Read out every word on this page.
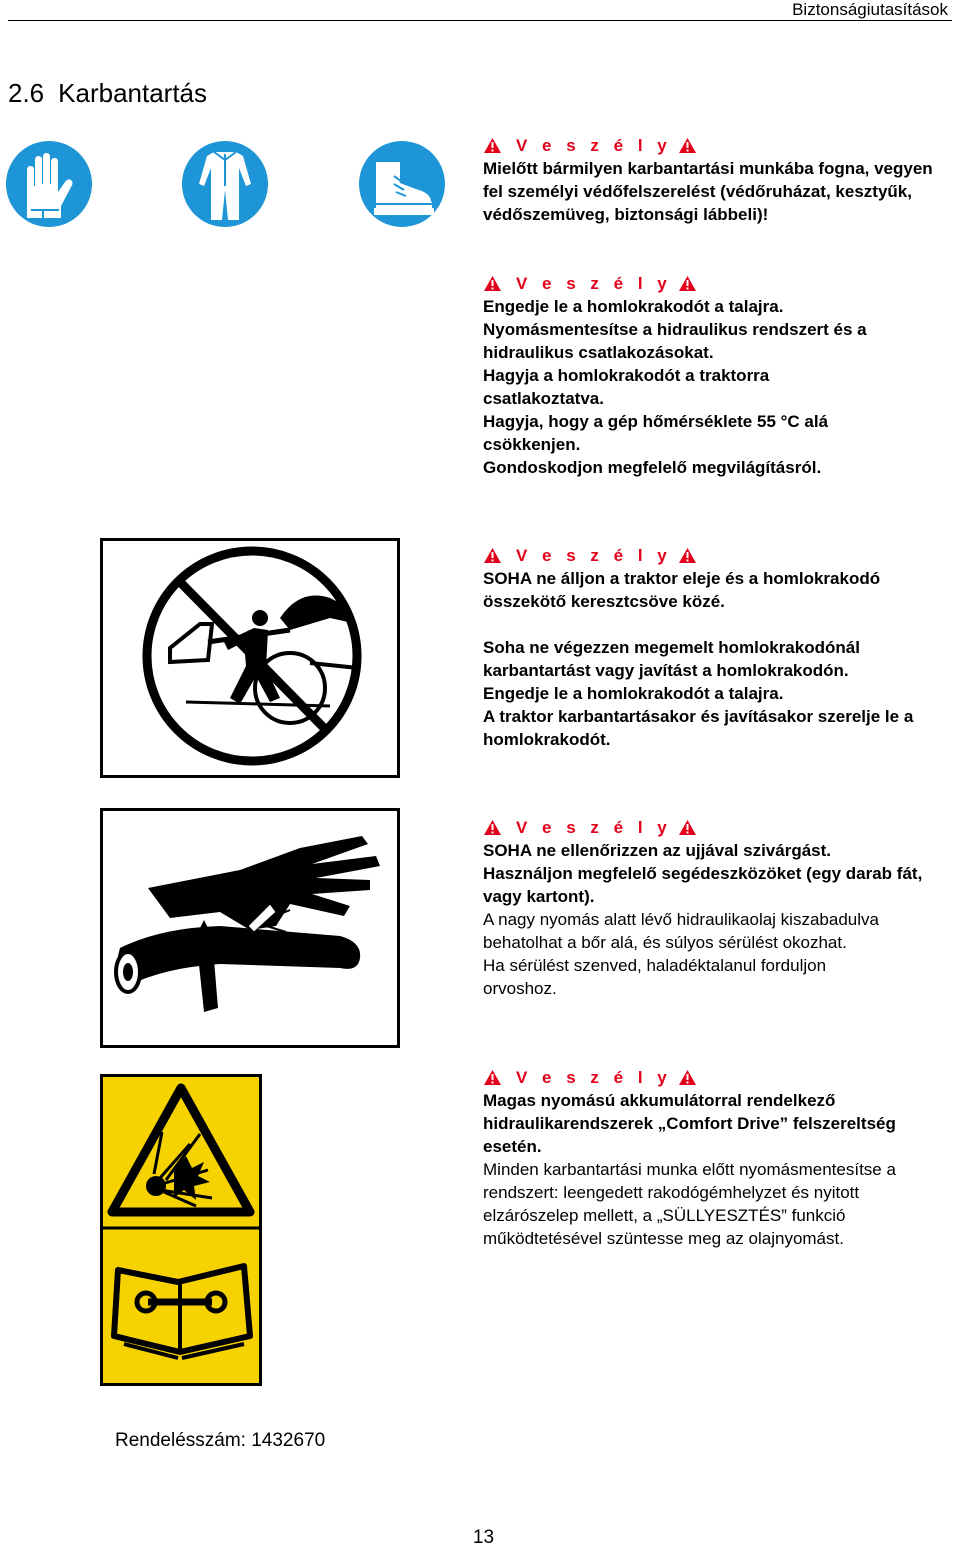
Biztonságiutasítások
2.6 Karbantartás
V e s z é l y

Mielőtt bármilyen karbantartási munkába fogna, vegyen fel személyi védőfelszerelést (védőruházat, kesztyűk, védőszemüveg, biztonsági lábbeli)!

V e s z é l y

Engedje le a homlokrakodót a talajra.

Nyomásmentesítse a hidraulikus rendszert és a hidraulikus csatlakozásokat.

Hagyja a homlokrakodót a traktorra csatlakoztatva.

Hagyja, hogy a gép hőmérséklete 55 °C alá csökkenjen.

Gondoskodjon megfelelő megvilágításról.

V e s z é l y

SOHA ne álljon a traktor eleje és a homlokrakodó összekötő keresztcsöve közé.

Soha ne végezzen megemelt homlokrakodónál karbantartást vagy javítást a homlokrakodón.

Engedje le a homlokrakodót a talajra.

A traktor karbantartásakor és javításakor szerelje le a homlokrakodót.

V e s z é l y

SOHA ne ellenőrizzen az ujjával szivárgást.

Használjon megfelelő segédeszközöket (egy darab fát, vagy kartont).

A nagy nyomás alatt lévő hidraulikaolaj kiszabadulva behatolhat a bőr alá, és súlyos sérülést okozhat.

Ha sérülést szenved, haladéktalanul forduljon orvoshoz.

V e s z é l y

Magas nyomású akkumulátorral rendelkező hidraulikarendszerek „Comfort Drive” felszereltség esetén.

Minden karbantartási munka előtt nyomásmentesítse a rendszert: leengedett rakodógémhelyzet és nyitott elzárószelep mellett, a „SÜLLYESZTÉS” funkció működtetésével szüntesse meg az olajnyomást.

Rendelésszám: 1432670
13
